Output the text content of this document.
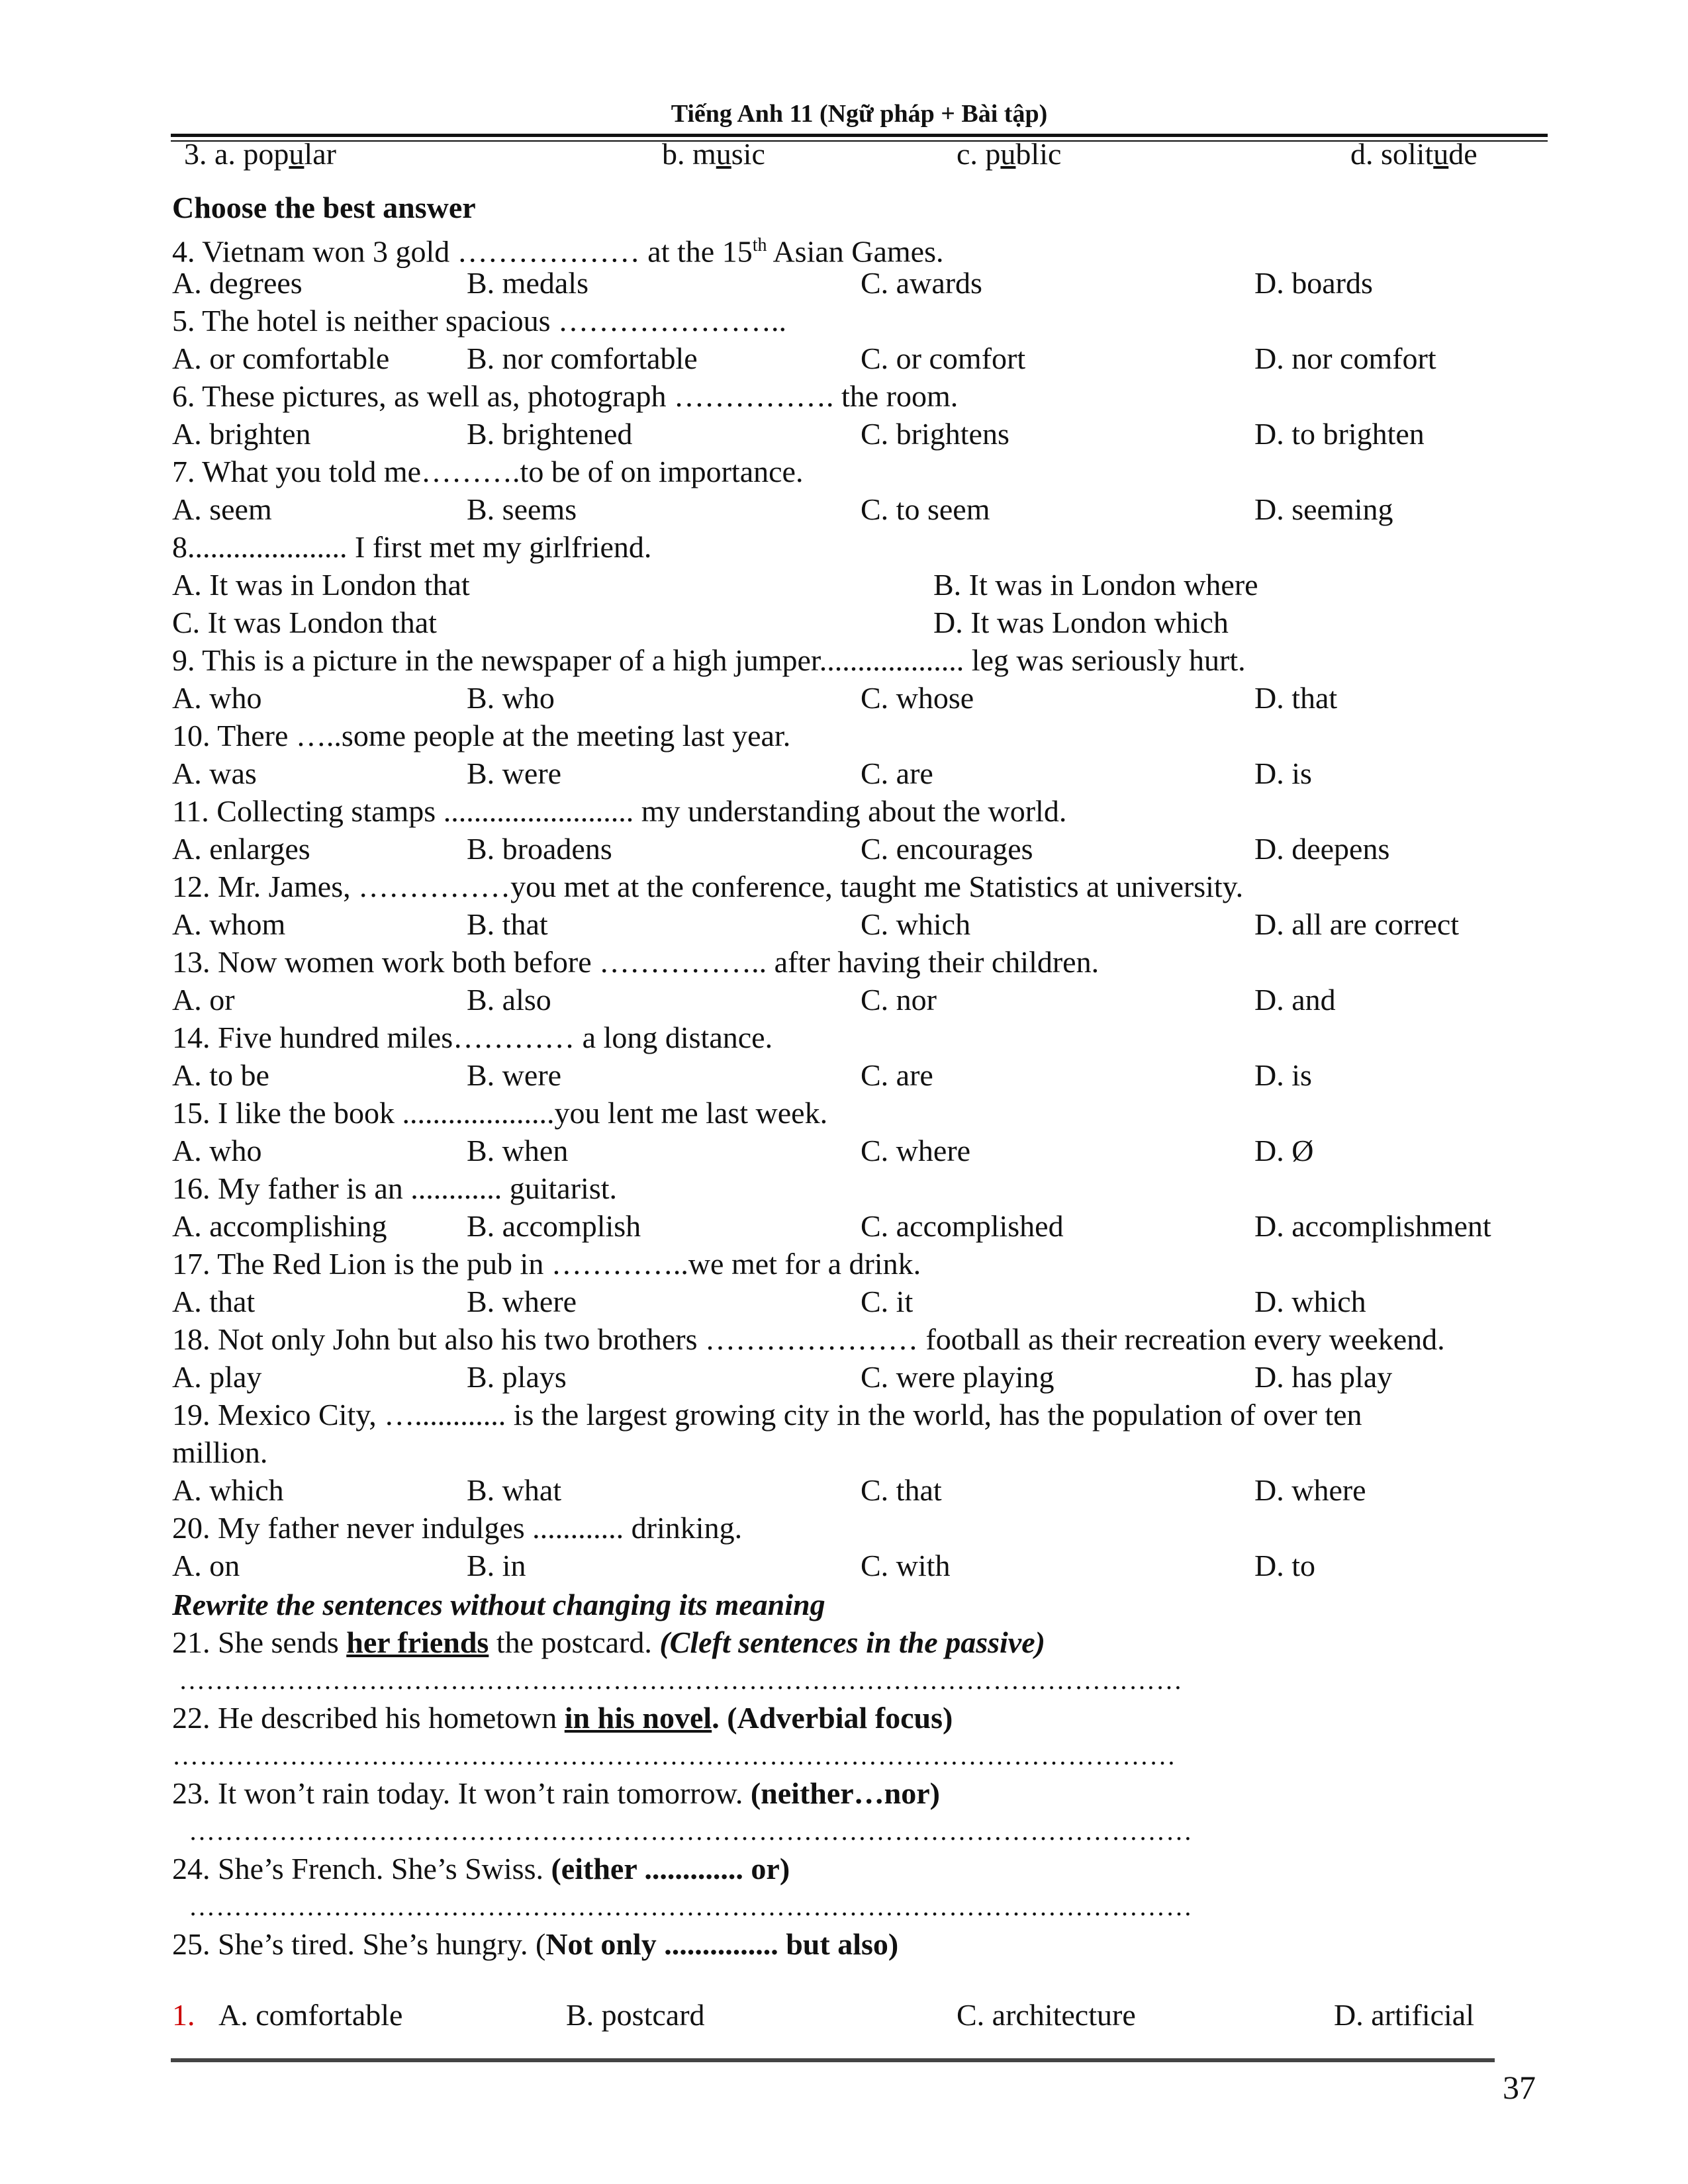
Tiếng Anh 11 (Ngữ pháp + Bài tập)
3. a. popular	b. music	c. public	d. solitude
Choose the best answer
4. Vietnam won 3 gold ……………… at the 15th Asian Games.
A. degrees	B. medals	C. awards	D. boards
5. The hotel is neither spacious …………………..
A. or comfortable	B. nor comfortable	C. or comfort	D. nor comfort
6. These pictures, as well as, photograph ……………. the room.
A. brighten	B. brightened	C. brightens	D. to brighten
7. What you told me……….to be of on importance.
A. seem	B. seems	C. to seem	D. seeming
8..................... I first met my girlfriend.
A. It was in London that	B. It was in London where
C. It was London that	D. It was London which
9. This is a picture in the newspaper of a high jumper................... leg was seriously hurt.
A. who	B. who	C. whose	D. that
10. There …..some people at the meeting last year.
A. was	B. were	C. are	D. is
11. Collecting stamps ......................... my understanding about the world.
A. enlarges	B. broadens	C. encourages	D. deepens
12. Mr. James, ……………you met at the conference, taught me Statistics at university.
A. whom	B. that	C. which	D. all are correct
13. Now women work both before …………….. after having their children.
A. or	B. also	C. nor	D. and
14. Five hundred miles………… a long distance.
A. to be	B. were	C. are	D. is
15. I like the book ....................you lent me last week.
A. who	B. when	C. where	D. Ø
16. My father is an ............ guitarist.
A. accomplishing	B. accomplish	C. accomplished	D. accomplishment
17. The Red Lion is the pub in …………..we met for a drink.
A. that	B. where	C. it	D. which
18. Not only John but also his two brothers ………………… football as their recreation every weekend.
A. play	B. plays	C. were playing	D. has play
19. Mexico City, …............ is the largest growing city in the world, has the population of over ten
million.
A. which	B. what	C. that	D. where
20. My father never indulges ............ drinking.
A. on	B. in	C. with	D. to
Rewrite the sentences without changing its meaning
21. She sends her friends the postcard. (Cleft sentences in the passive)
…………………………………………………………………………………………………
22. He described his hometown in his novel. (Adverbial focus)
…………………………………………………………………………………………………
23. It won’t rain today. It won’t rain tomorrow. (neither…nor)
…………………………………………………………………………………………………
24. She’s French. She’s Swiss. (either ............. or)
…………………………………………………………………………………………………
25. She’s tired. She’s hungry. (Not only ............... but also)
1. A. comfortable	B. postcard	C. architecture	D. artificial
37
